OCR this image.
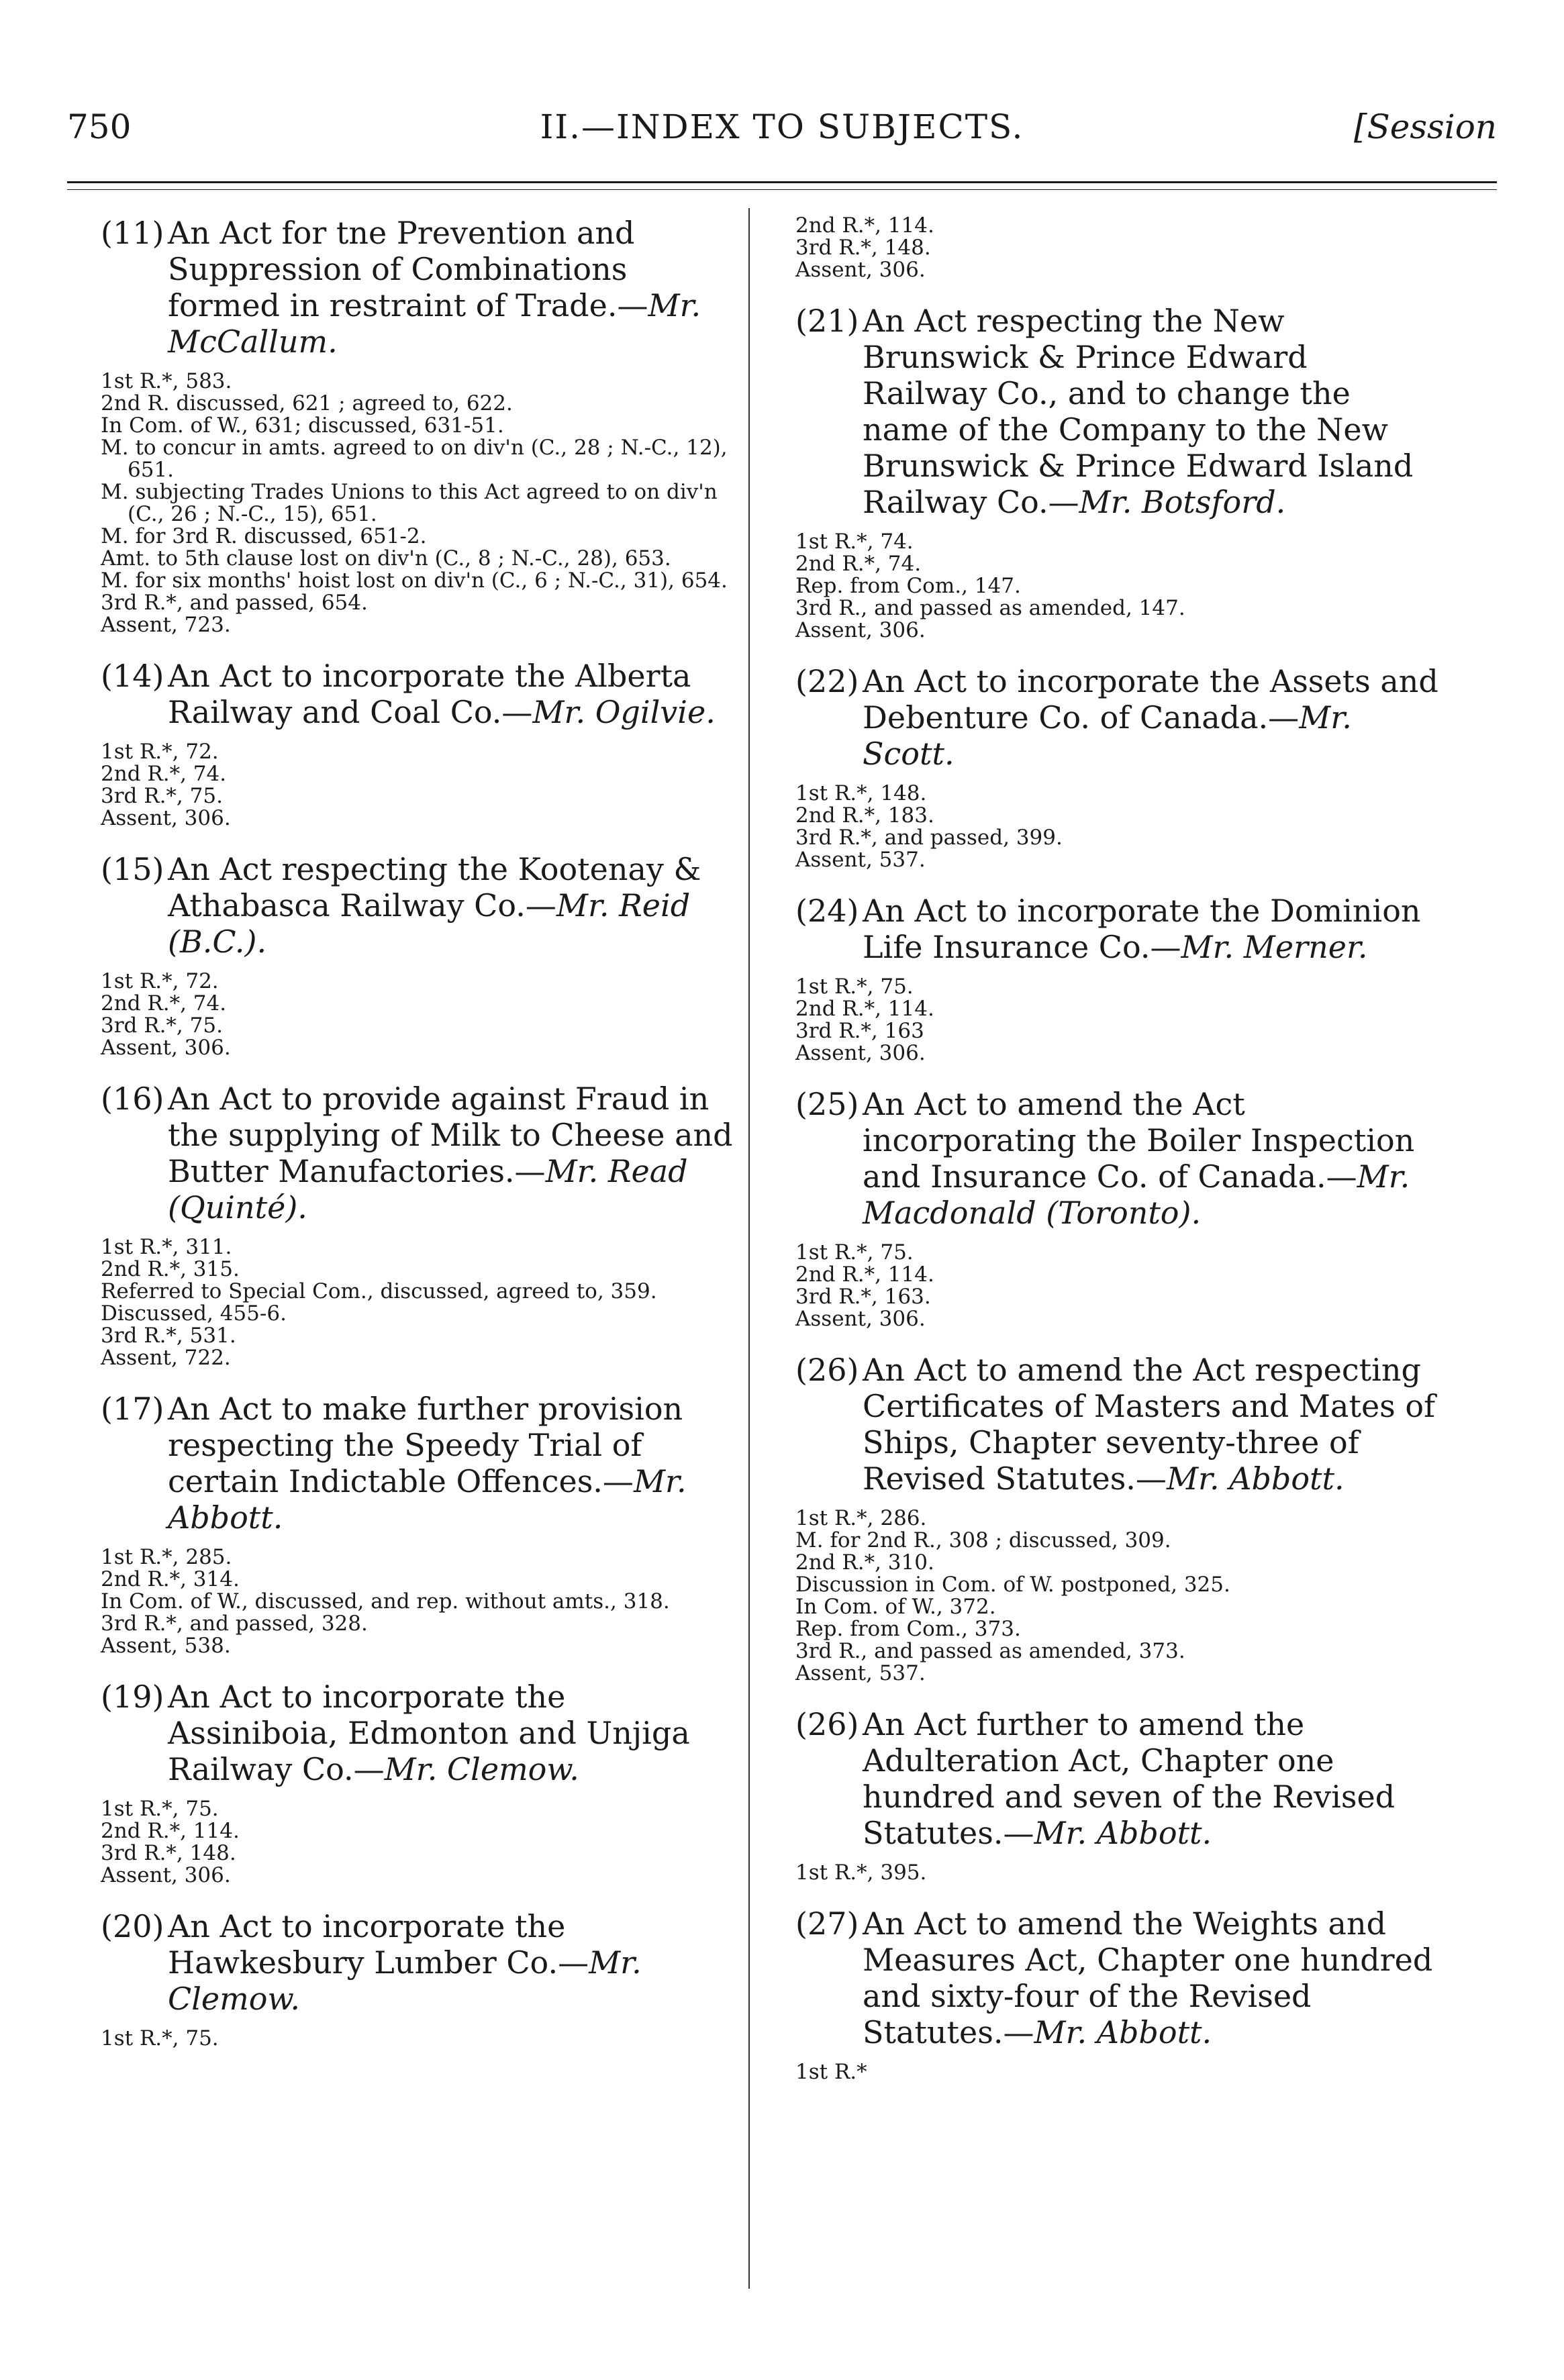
750	II.—INDEX TO SUBJECTS.	[Session
(11) An Act for tne Prevention and Suppression of Combinations formed in restraint of Trade.—Mr. McCallum.
1st R.*, 583.
2nd R. discussed, 621 ; agreed to, 622.
In Com. of W., 631; discussed, 631-51.
M. to concur in amts. agreed to on div'n (C., 28 ; N.-C., 12), 651.
M. subjecting Trades Unions to this Act agreed to on div'n (C., 26 ; N.-C., 15), 651.
M. for 3rd R. discussed, 651-2.
Amt. to 5th clause lost on div'n (C., 8 ; N.-C., 28), 653.
M. for six months' hoist lost on div'n (C., 6 ; N.-C., 31), 654.
3rd R.*, and passed, 654.
Assent, 723.
(14) An Act to incorporate the Alberta Railway and Coal Co.—Mr. Ogilvie.
1st R.*, 72.
2nd R.*, 74.
3rd R.*, 75.
Assent, 306.
(15) An Act respecting the Kootenay & Athabasca Railway Co.—Mr. Reid (B.C.).
1st R.*, 72.
2nd R.*, 74.
3rd R.*, 75.
Assent, 306.
(16) An Act to provide against Fraud in the supplying of Milk to Cheese and Butter Manufactories.—Mr. Read (Quinté).
1st R.*, 311.
2nd R.*, 315.
Referred to Special Com., discussed, agreed to, 359.
Discussed, 455-6.
3rd R.*, 531.
Assent, 722.
(17) An Act to make further provision respecting the Speedy Trial of certain Indictable Offences.—Mr. Abbott.
1st R.*, 285.
2nd R.*, 314.
In Com. of W., discussed, and rep. without amts., 318.
3rd R.*, and passed, 328.
Assent, 538.
(19) An Act to incorporate the Assiniboia, Edmonton and Unjiga Railway Co.—Mr. Clemow.
1st R.*, 75.
2nd R.*, 114.
3rd R.*, 148.
Assent, 306.
(20) An Act to incorporate the Hawkesbury Lumber Co.—Mr. Clemow.
1st R.*, 75.
2nd R.*, 114.
3rd R.*, 148.
Assent, 306.
(21) An Act respecting the New Brunswick & Prince Edward Railway Co., and to change the name of the Company to the New Brunswick & Prince Edward Island Railway Co.—Mr. Botsford.
1st R.*, 74.
2nd R.*, 74.
Rep. from Com., 147.
3rd R., and passed as amended, 147.
Assent, 306.
(22) An Act to incorporate the Assets and Debenture Co. of Canada.—Mr. Scott.
1st R.*, 148.
2nd R.*, 183.
3rd R.*, and passed, 399.
Assent, 537.
(24) An Act to incorporate the Dominion Life Insurance Co.—Mr. Merner.
1st R.*, 75.
2nd R.*, 114.
3rd R.*, 163
Assent, 306.
(25) An Act to amend the Act incorporating the Boiler Inspection and Insurance Co. of Canada.—Mr. Macdonald (Toronto).
1st R.*, 75.
2nd R.*, 114.
3rd R.*, 163.
Assent, 306.
(26) An Act to amend the Act respecting Certificates of Masters and Mates of Ships, Chapter seventy-three of Revised Statutes.—Mr. Abbott.
1st R.*, 286.
M. for 2nd R., 308 ; discussed, 309.
2nd R.*, 310.
Discussion in Com. of W. postponed, 325.
In Com. of W., 372.
Rep. from Com., 373.
3rd R., and passed as amended, 373.
Assent, 537.
(26) An Act further to amend the Adulteration Act, Chapter one hundred and seven of the Revised Statutes.—Mr. Abbott.
1st R.*, 395.
(27) An Act to amend the Weights and Measures Act, Chapter one hundred and sixty-four of the Revised Statutes.—Mr. Abbott.
1st R.*
